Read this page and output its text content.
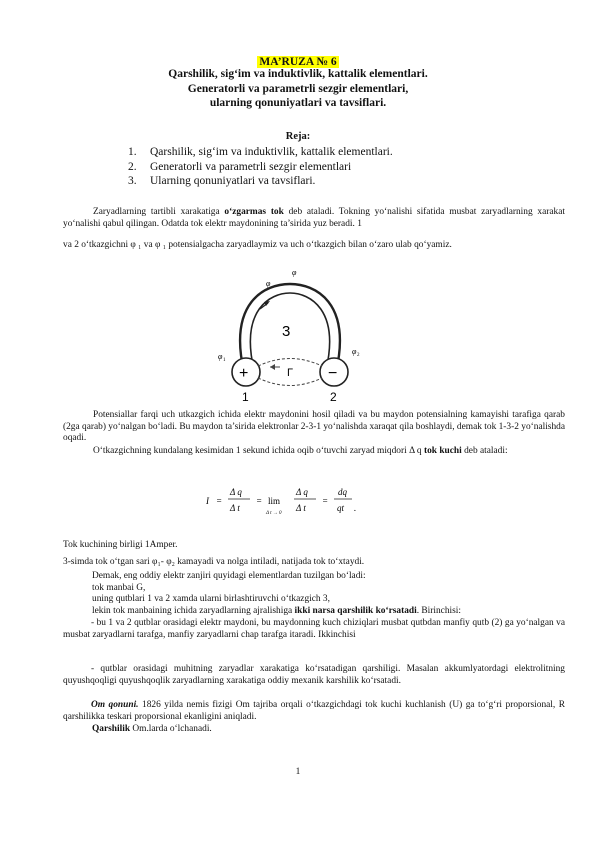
MA’RUZA № 6
Qarshilik, sig‘im va induktivlik, kattalik elementlari.
Generatorli va parametrli sezgir elementlari,
ularning qonuniyatlari va tavsiflari.
Reja:
1. Qarshilik, sig‘im va induktivlik, kattalik elementlari.
2. Generatorli va parametrli sezgir elementlari
3. Ularning qonuniyatlari va tavsiflari.
Zaryadlarning tartibli xarakatiga o‘zgarmas tok deb ataladi. Tokning yo‘nalishi sifatida musbat zaryadlarning xarakat yo‘nalishi qabul qilingan. Odatda tok elektr maydonining ta’sirida yuz beradi. 1
va 2 o‘tkazgichni φ ₁ va φ ₁ potensialgacha zaryadlaymiz va uch o‘tkazgich bilan o‘zaro ulab qo‘yamiz.
φ
φ
φ 1
φ 2
3
+	−
Г
1	2
Potensiallar farqi uch utkazgich ichida elektr maydonini hosil qiladi va bu maydon potensialning kamayishi tarafiga qarab (2ga qarab) yo‘nalgan bo‘ladi. Bu maydon ta’sirida elektronlar 2-3-1 yo‘nalishda xaraqat qila boshlaydi, demak tok 1-3-2 yo‘nalishda oqadi.
O‘tkazgichning kundalang kesimidan 1 sekund ichida oqib o‘tuvchi zaryad miqdori Δ q tok kuchi deb ataladi:
I =
Δ q
Δ t
= lim
Δ t → 0
Δ q
Δ t
=
dq
qt .
Tok kuchining birligi 1Amper.
3-simda tok o‘tgan sari φ₁- φ₂ kamayadi va nolga intiladi, natijada tok to‘xtaydi.
Demak, eng oddiy elektr zanjiri quyidagi elementlardan tuzilgan bo‘ladi:
tok manbai G,
uning qutblari 1 va 2 xamda ularni birlashtiruvchi o‘tkazgich 3,
lekin tok manbaining ichida zaryadlarning ajralishiga ikki narsa qarshilik ko‘rsatadi. Birinchisi:
- bu 1 va 2 qutblar orasidagi elektr maydoni, bu maydonning kuch chiziqlari musbat qutbdan manfiy qutb (2) ga yo‘nalgan va musbat zaryadlarni tarafga, manfiy zaryadlarni chap tarafga itaradi. Ikkinchisi
- qutblar orasidagi muhitning zaryadlar xarakatiga ko‘rsatadigan qarshiligi. Masalan akkumlyatordagi elektrolitning quyushqoqligi quyushqoqlik zaryadlarning xarakatiga oddiy mexanik karshilik ko‘rsatadi.
Om qonuni. 1826 yilda nemis fizigi Om tajriba orqali o‘tkazgichdagi tok kuchi kuchlanish (U) ga to‘g‘ri proporsional, R qarshilikka teskari proporsional ekanligini aniqladi.
Qarshilik Om.larda o‘lchanadi.
1
